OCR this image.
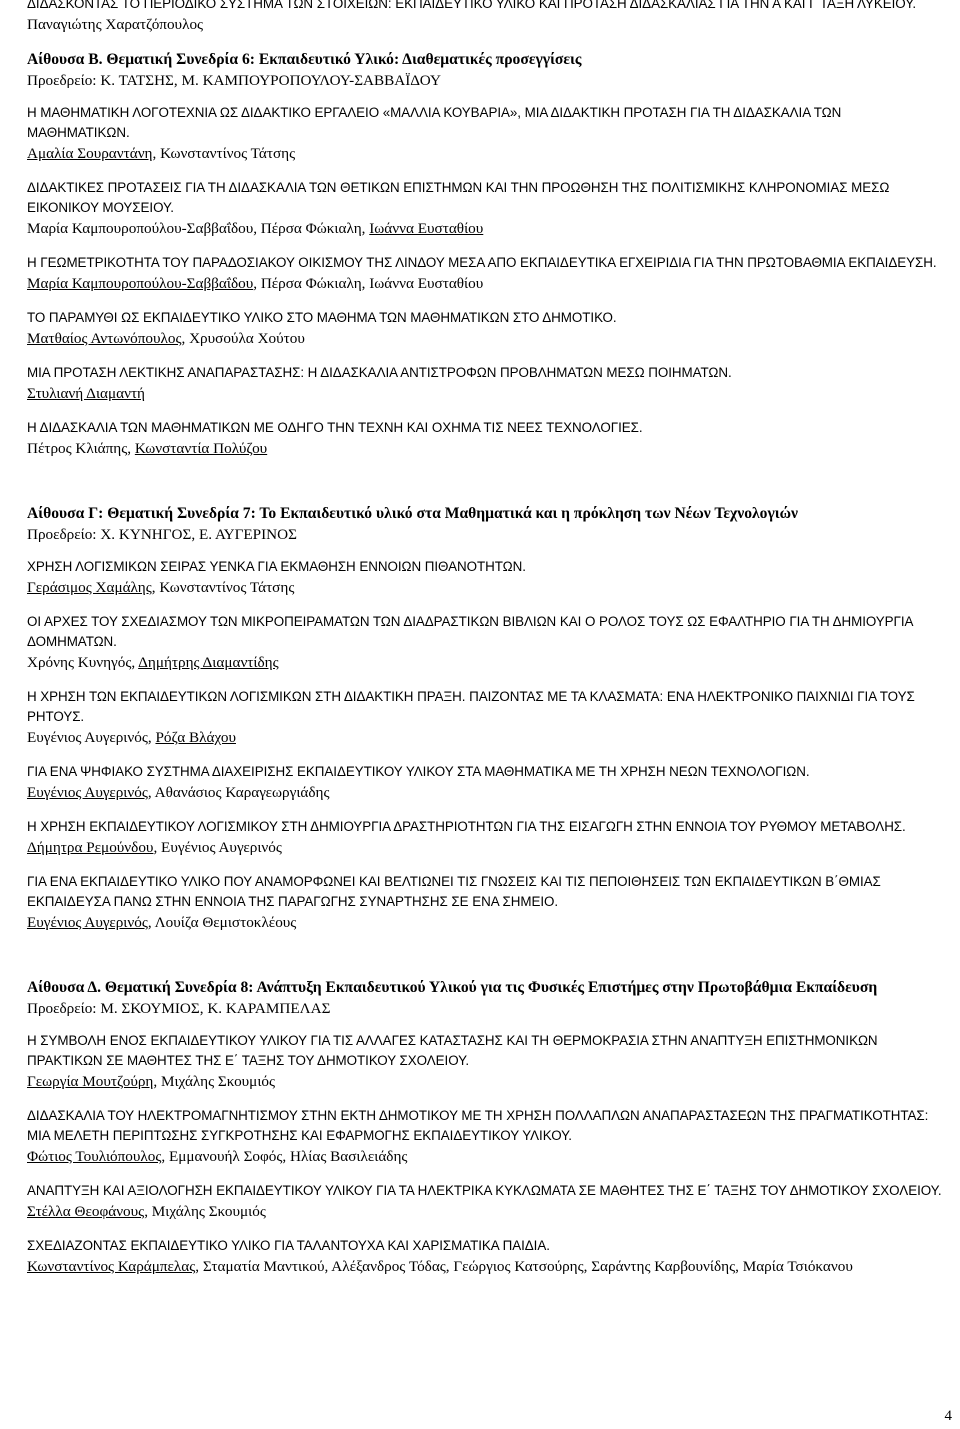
ΔΙΔΑΣΚΟΝΤΑΣ ΤΟ ΠΕΡΙΟΔΙΚΟ ΣΥΣΤΗΜΑ ΤΩΝ ΣΤΟΙΧΕΙΩΝ: ΕΚΠΑΙΔΕΥΤΙΚΟ ΥΛΙΚΟ ΚΑΙ ΠΡΟΤΑΣΗ ΔΙΔΑΣΚΑΛΙΑΣ ΓΙΑ ΤΗΝ Α ΚΑΙ Γ ΤΑΞΗ ΛΥΚΕΙΟΥ.

Παναγιώτης Χαρατζόπουλος

Αίθουσα Β. Θεματική Συνεδρία 6: Εκπαιδευτικό Υλικό: Διαθεματικές προσεγγίσεις

Προεδρείο: Κ. ΤΑΤΣΗΣ, Μ. ΚΑΜΠΟΥΡΟΠΟΥΛΟΥ-ΣΑΒΒΑΪΔΟΥ

Η ΜΑΘΗΜΑΤΙΚΗ ΛΟΓΟΤΕΧΝΙΑ ΩΣ ΔΙΔΑΚΤΙΚΟ ΕΡΓΑΛΕΙΟ «ΜΑΛΛΙΑ ΚΟΥΒΑΡΙΑ», ΜΙΑ ΔΙΔΑΚΤΙΚΗ ΠΡΟΤΑΣΗ ΓΙΑ ΤΗ ΔΙΔΑΣΚΑΛΙΑ ΤΩΝ ΜΑΘΗΜΑΤΙΚΩΝ.

Αμαλία Σουραντάνη, Κωνσταντίνος Τάτσης

ΔΙΔΑΚΤΙΚΕΣ ΠΡΟΤΑΣΕΙΣ ΓΙΑ ΤΗ ΔΙΔΑΣΚΑΛΙΑ ΤΩΝ ΘΕΤΙΚΩΝ ΕΠΙΣΤΗΜΩΝ ΚΑΙ ΤΗΝ ΠΡΟΩΘΗΣΗ ΤΗΣ ΠΟΛΙΤΙΣΜΙΚΗΣ ΚΛΗΡΟΝΟΜΙΑΣ ΜΕΣΩ ΕΙΚΟΝΙΚΟΥ ΜΟΥΣΕΙΟΥ.

Μαρία Καμπουροπούλου-Σαββαΐδου, Πέρσα Φώκιαλη, Ιωάννα Ευσταθίου

Η ΓΕΩΜΕΤΡΙΚΟΤΗΤΑ ΤΟΥ ΠΑΡΑΔΟΣΙΑΚΟΥ ΟΙΚΙΣΜΟΥ ΤΗΣ ΛΙΝΔΟΥ ΜΕΣΑ ΑΠΟ ΕΚΠΑΙΔΕΥΤΙΚΑ ΕΓΧΕΙΡΙΔΙΑ ΓΙΑ ΤΗΝ ΠΡΩΤΟΒΑΘΜΙΑ ΕΚΠΑΙΔΕΥΣΗ.

Μαρία Καμπουροπούλου-Σαββαΐδου, Πέρσα Φώκιαλη, Ιωάννα Ευσταθίου

ΤΟ ΠΑΡΑΜΥΘΙ ΩΣ ΕΚΠΑΙΔΕΥΤΙΚΟ ΥΛΙΚΟ ΣΤΟ ΜΑΘΗΜΑ ΤΩΝ ΜΑΘΗΜΑΤΙΚΩΝ ΣΤΟ ΔΗΜΟΤΙΚΟ.

Ματθαίος Αντωνόπουλος, Χρυσούλα Χούτου

ΜΙΑ ΠΡΟΤΑΣΗ ΛΕΚΤΙΚΗΣ ΑΝΑΠΑΡΑΣΤΑΣΗΣ: Η ΔΙΔΑΣΚΑΛΙΑ ΑΝΤΙΣΤΡΟΦΩΝ ΠΡΟΒΛΗΜΑΤΩΝ ΜΕΣΩ ΠΟΙΗΜΑΤΩΝ.

Στυλιανή Διαμαντή

Η ΔΙΔΑΣΚΑΛΙΑ ΤΩΝ ΜΑΘΗΜΑΤΙΚΩΝ ΜΕ ΟΔΗΓΟ ΤΗΝ ΤΕΧΝΗ ΚΑΙ ΟΧΗΜΑ ΤΙΣ ΝΕΕΣ ΤΕΧΝΟΛΟΓΙΕΣ.

Πέτρος Κλιάπης, Κωνσταντία Πολύζου

Αίθουσα Γ: Θεματική Συνεδρία 7: Το Εκπαιδευτικό υλικό στα Μαθηματικά και η πρόκληση των Νέων Τεχνολογιών

Προεδρείο: Χ. ΚΥΝΗΓΟΣ, Ε. ΑΥΓΕΡΙΝΟΣ

ΧΡΗΣΗ ΛΟΓΙΣΜΙΚΩΝ ΣΕΙΡΑΣ ΥΕΝΚΑ ΓΙΑ ΕΚΜΑΘΗΣΗ ΕΝΝΟΙΩΝ ΠΙΘΑΝΟΤΗΤΩΝ.

Γεράσιμος Χαμάλης, Κωνσταντίνος Τάτσης

ΟΙ ΑΡΧΕΣ ΤΟΥ ΣΧΕΔΙΑΣΜΟΥ ΤΩΝ ΜΙΚΡΟΠΕΙΡΑΜΑΤΩΝ ΤΩΝ ΔΙΑΔΡΑΣΤΙΚΩΝ ΒΙΒΛΙΩΝ ΚΑΙ Ο ΡΟΛΟΣ ΤΟΥΣ ΩΣ ΕΦΑΛΤΗΡΙΟ ΓΙΑ ΤΗ ΔΗΜΙΟΥΡΓΙΑ ΔΟΜΗΜΑΤΩΝ.

Χρόνης Κυνηγός, Δημήτρης Διαμαντίδης

Η ΧΡΗΣΗ ΤΩΝ ΕΚΠΑΙΔΕΥΤΙΚΩΝ ΛΟΓΙΣΜΙΚΩΝ ΣΤΗ ΔΙΔΑΚΤΙΚΗ ΠΡΑΞΗ. ΠΑΙΖΟΝΤΑΣ ΜΕ ΤΑ ΚΛΑΣΜΑΤΑ: ΕΝΑ ΗΛΕΚΤΡΟΝΙΚΟ ΠΑΙΧΝΙΔΙ ΓΙΑ ΤΟΥΣ ΡΗΤΟΥΣ.

Ευγένιος Αυγερινός, Ρόζα Βλάχου

ΓΙΑ ΕΝΑ ΨΗΦΙΑΚΟ ΣΥΣΤΗΜΑ ΔΙΑΧΕΙΡΙΣΗΣ ΕΚΠΑΙΔΕΥΤΙΚΟΥ ΥΛΙΚΟΥ ΣΤΑ ΜΑΘΗΜΑΤΙΚΑ ΜΕ ΤΗ ΧΡΗΣΗ ΝΕΩΝ ΤΕΧΝΟΛΟΓΙΩΝ.

Ευγένιος Αυγερινός, Αθανάσιος Καραγεωργιάδης

Η ΧΡΗΣΗ ΕΚΠΑΙΔΕΥΤΙΚΟΥ ΛΟΓΙΣΜΙΚΟΥ ΣΤΗ ΔΗΜΙΟΥΡΓΙΑ ΔΡΑΣΤΗΡΙΟΤΗΤΩΝ ΓΙΑ ΤΗΣ ΕΙΣΑΓΩΓΗ ΣΤΗΝ ΕΝΝΟΙΑ ΤΟΥ ΡΥΘΜΟΥ ΜΕΤΑΒΟΛΗΣ.

Δήμητρα Ρεμούνδου, Ευγένιος Αυγερινός

ΓΙΑ ΕΝΑ ΕΚΠΑΙΔΕΥΤΙΚΟ ΥΛΙΚΟ ΠΟΥ ΑΝΑΜΟΡΦΩΝΕΙ ΚΑΙ ΒΕΛΤΙΩΝΕΙ ΤΙΣ ΓΝΩΣΕΙΣ ΚΑΙ ΤΙΣ ΠΕΠΟΙΘΗΣΕΙΣ ΤΩΝ ΕΚΠΑΙΔΕΥΤΙΚΩΝ Β΄ΘΜΙΑΣ ΕΚΠΑΙΔΕΥΣΑ ΠΑΝΩ ΣΤΗΝ ΕΝΝΟΙΑ ΤΗΣ ΠΑΡΑΓΩΓΗΣ ΣΥΝΑΡΤΗΣΗΣ ΣΕ ΕΝΑ ΣΗΜΕΙΟ.

Ευγένιος Αυγερινός, Λουίζα Θεμιστοκλέους

Αίθουσα Δ. Θεματική Συνεδρία 8: Ανάπτυξη Εκπαιδευτικού Υλικού για τις Φυσικές Επιστήμες στην Πρωτοβάθμια Εκπαίδευση

Προεδρείο: Μ. ΣΚΟΥΜΙΟΣ, Κ. ΚΑΡΑΜΠΕΛΑΣ

Η ΣΥΜΒΟΛΗ ΕΝΟΣ ΕΚΠΑΙΔΕΥΤΙΚΟΥ ΥΛΙΚΟΥ ΓΙΑ ΤΙΣ ΑΛΛΑΓΕΣ ΚΑΤΑΣΤΑΣΗΣ ΚΑΙ ΤΗ ΘΕΡΜΟΚΡΑΣΙΑ ΣΤΗΝ ΑΝΑΠΤΥΞΗ ΕΠΙΣΤΗΜΟΝΙΚΩΝ ΠΡΑΚΤΙΚΩΝ ΣΕ ΜΑΘΗΤΕΣ ΤΗΣ Ε΄ ΤΑΞΗΣ ΤΟΥ ΔΗΜΟΤΙΚΟΥ ΣΧΟΛΕΙΟΥ.

Γεωργία Μουτζούρη, Μιχάλης Σκουμιός

ΔΙΔΑΣΚΑΛΙΑ ΤΟΥ ΗΛΕΚΤΡΟΜΑΓΝΗΤΙΣΜΟΥ ΣΤΗΝ ΕΚΤΗ ΔΗΜΟΤΙΚΟΥ ΜΕ ΤΗ ΧΡΗΣΗ ΠΟΛΛΑΠΛΩΝ ΑΝΑΠΑΡΑΣΤΑΣΕΩΝ ΤΗΣ ΠΡΑΓΜΑΤΙΚΟΤΗΤΑΣ: ΜΙΑ ΜΕΛΕΤΗ ΠΕΡΙΠΤΩΣΗΣ ΣΥΓΚΡΟΤΗΣΗΣ ΚΑΙ ΕΦΑΡΜΟΓΗΣ ΕΚΠΑΙΔΕΥΤΙΚΟΥ ΥΛΙΚΟΥ.

Φώτιος Τουλιόπουλος, Εμμανουήλ Σοφός, Ηλίας Βασιλειάδης

ΑΝΑΠΤΥΞΗ ΚΑΙ ΑΞΙΟΛΟΓΗΣΗ ΕΚΠΑΙΔΕΥΤΙΚΟΥ ΥΛΙΚΟΥ ΓΙΑ ΤΑ ΗΛΕΚΤΡΙΚΑ ΚΥΚΛΩΜΑΤΑ ΣΕ ΜΑΘΗΤΕΣ ΤΗΣ Ε΄ ΤΑΞΗΣ ΤΟΥ ΔΗΜΟΤΙΚΟΥ ΣΧΟΛΕΙΟΥ.

Στέλλα Θεοφάνους, Μιχάλης Σκουμιός

ΣΧΕΔΙΑΖΟΝΤΑΣ ΕΚΠΑΙΔΕΥΤΙΚΟ ΥΛΙΚΟ ΓΙΑ ΤΑΛΑΝΤΟΥΧΑ ΚΑΙ ΧΑΡΙΣΜΑΤΙΚΑ ΠΑΙΔΙΑ.

Κωνσταντίνος Καράμπελας, Σταματία Μαντικού, Αλέξανδρος Τόδας, Γεώργιος Κατσούρης, Σαράντης Καρβουνίδης, Μαρία Τσιόκανου

4
